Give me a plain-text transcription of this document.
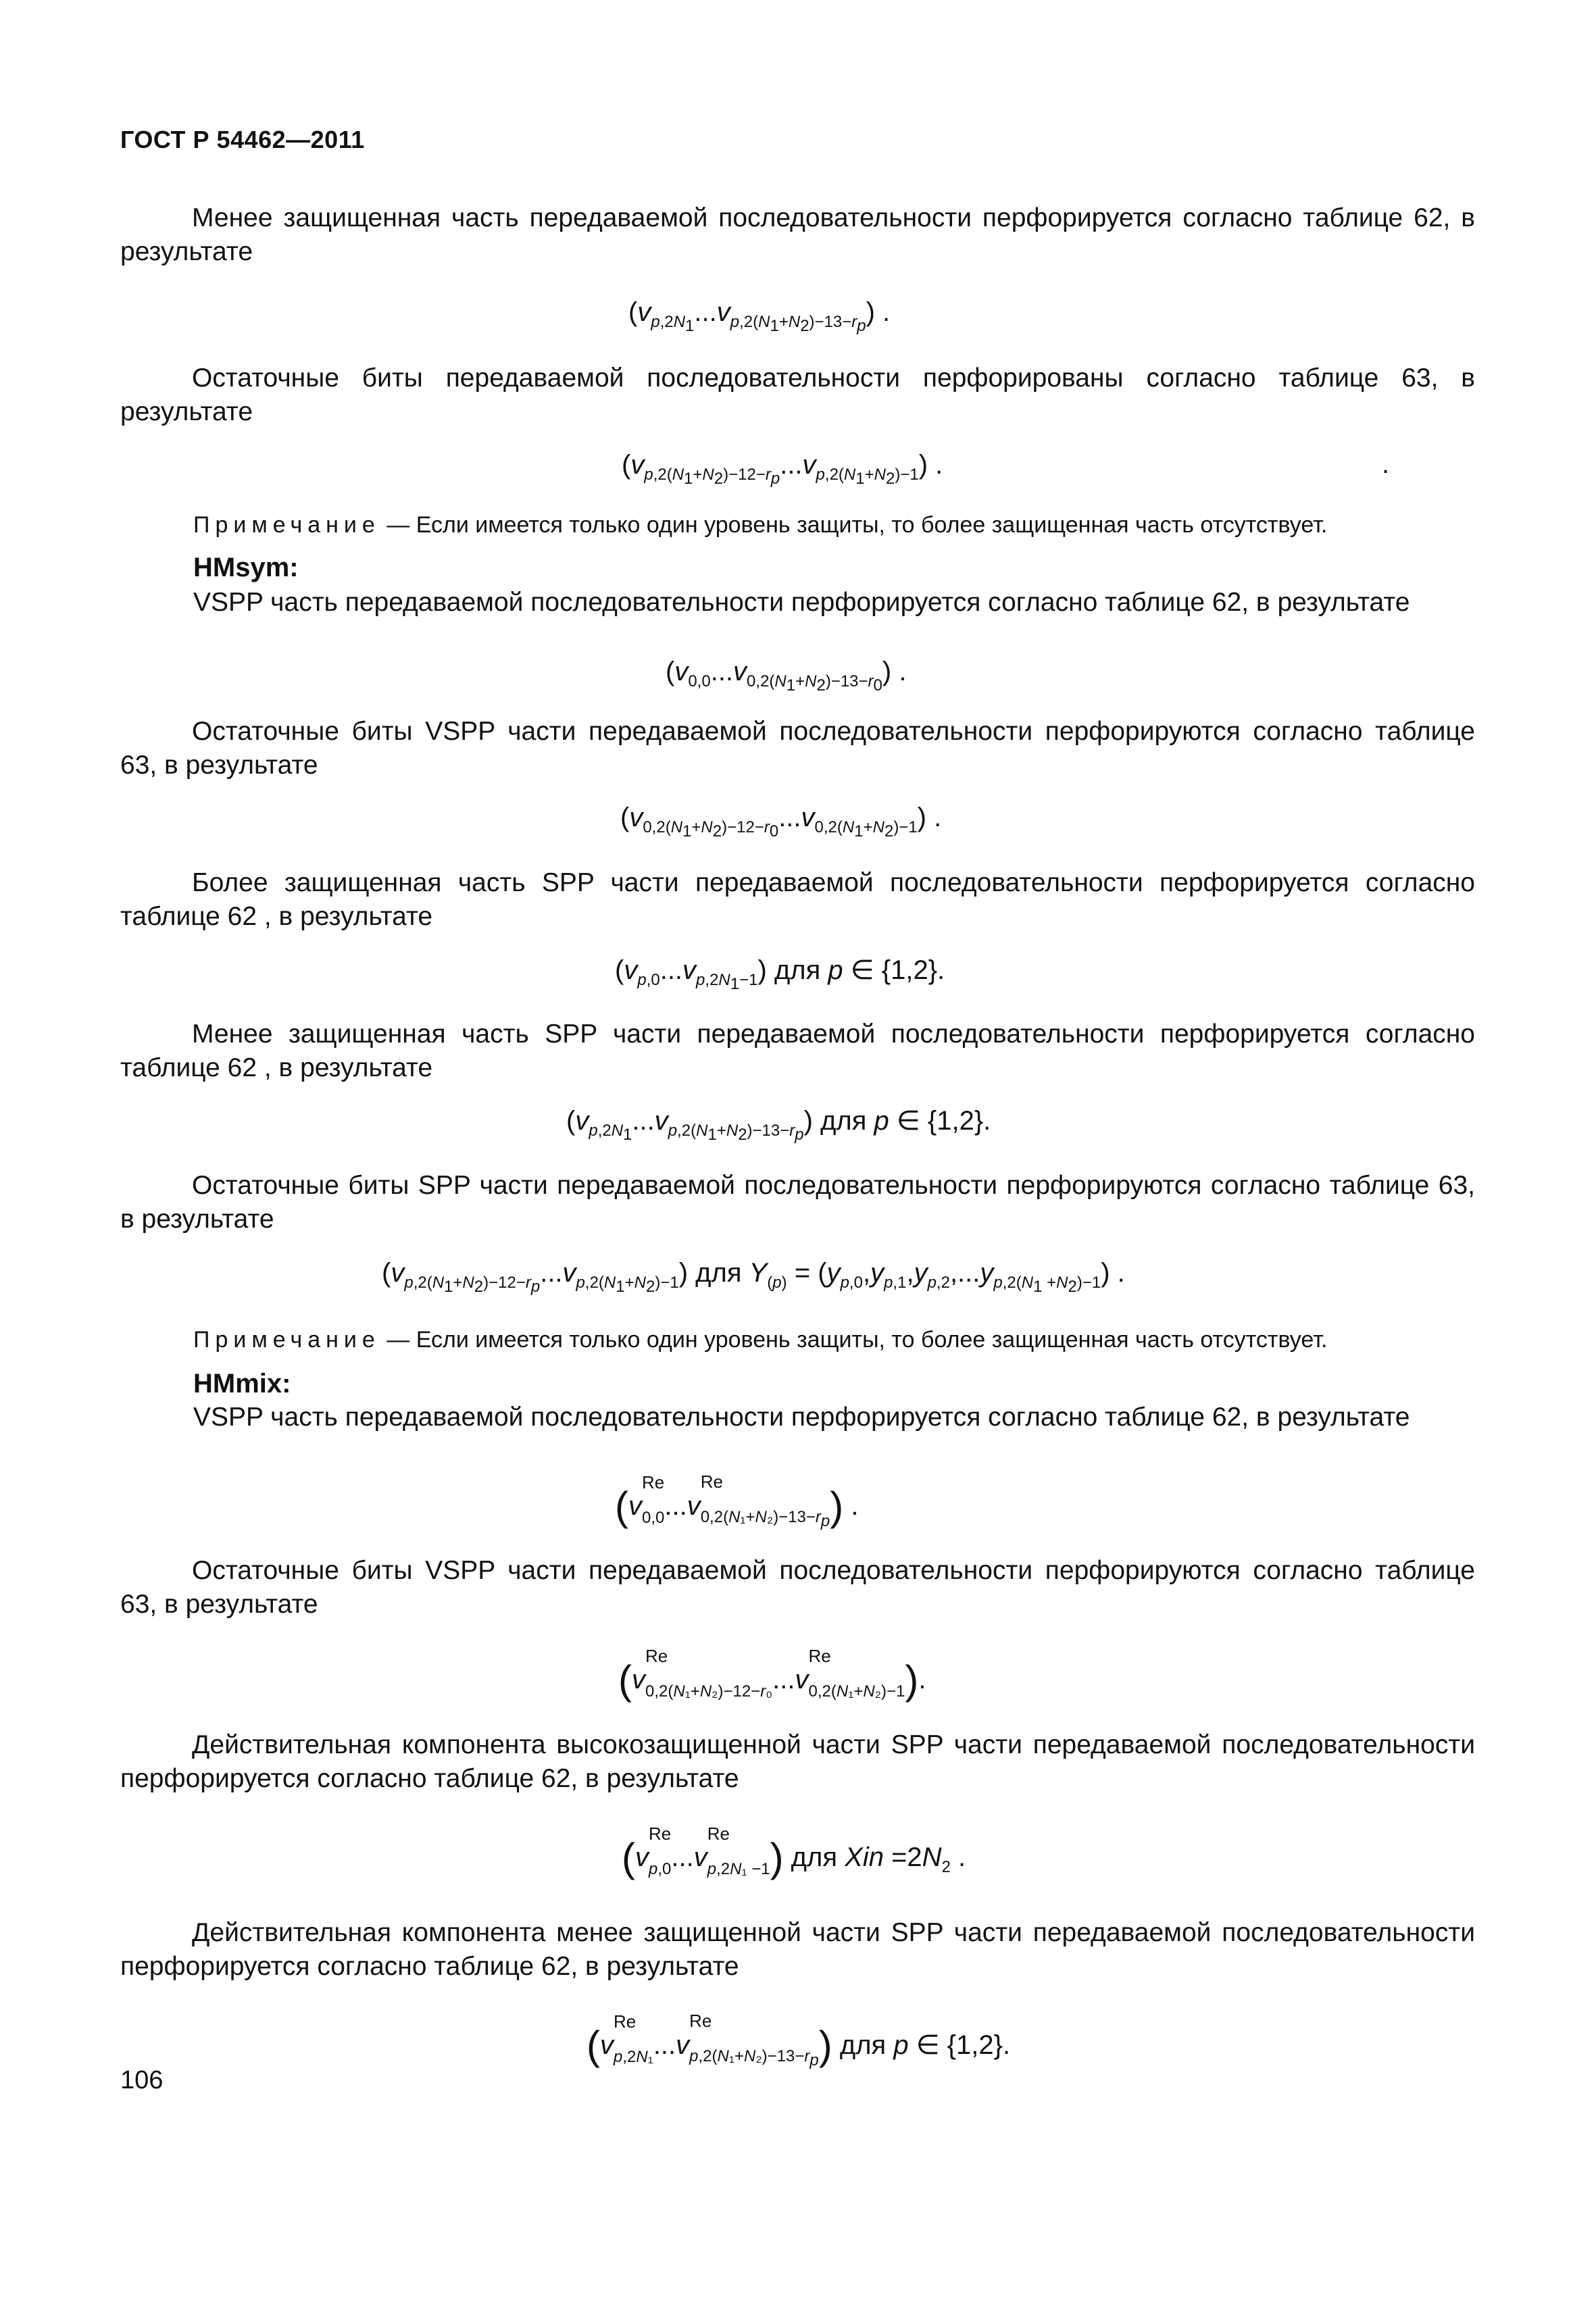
ГОСТ Р 54462—2011
Менее защищенная часть передаваемой последовательности перфорируется согласно таблице 62, в результате
$(v_{p,2N_1}...v_{p,2(N_1+N_2)-13-r_p})$ .
Остаточные биты передаваемой последовательности перфорированы согласно таблице 63, в результате
$(v_{p,2(N_1+N_2)-12-r_p}...v_{p,2(N_1+N_2)-1})$ .	.
Примечание — Если имеется только один уровень защиты, то более защищенная часть отсутствует.
HMsym:
VSPP часть передаваемой последовательности перфорируется согласно таблице 62, в результате
$(v_{0,0}...v_{0,2(N_1+N_2)-13-r_0})$ .
Остаточные биты VSPP части передаваемой последовательности перфорируются согласно таблице 63, в результате
$(v_{0,2(N_1+N_2)-12-r_0}...v_{0,2(N_1+N_2)-1})$ .
Более защищенная часть SPP части передаваемой последовательности перфорируется согласно таблице 62 , в результате
$(v_{p,0}...v_{p,2N_1-1})$ для p ∈ {1,2}.
Менее защищенная часть SPP части передаваемой последовательности перфорируется согласно таблице 62 , в результате
$(v_{p,2N_1}...v_{p,2(N_1+N_2)-13-r_p})$ для p ∈ {1,2}.
Остаточные биты SPP части передаваемой последовательности перфорируются согласно таблице 63, в результате
$(v_{p,2(N_1+N_2)-12-r_p}...v_{p,2(N_1+N_2)-1})$ для $Y_{(p)} = (y_{p,0},y_{p,1},y_{p,2},...y_{p,2(N_1 +N_2)-1})$ .
Примечание — Если имеется только один уровень защиты, то более защищенная часть отсутствует.
HMmix:
VSPP часть передаваемой последовательности перфорируется согласно таблице 62, в результате
(v
Re
$_{0,0}$...v
Re
$_{0,2(N_1+N_2)-13-r_p}$) .
Остаточные биты VSPP части передаваемой последовательности перфорируются согласно таблице 63, в результате
(v
Re
$_{0,2(N_1+N_2)-12-r_0}$...v
Re
$_{0,2(N_1+N_2)-1}$).
Действительная компонента высокозащищенной части SPP части передаваемой последовательности перфорируется согласно таблице 62, в результате
(v
Re
$_{p,0}$...v
Re
$_{p,2N_1 -1}$) для Xin $=2N_2$ .
Действительная компонента менее защищенной части SPP части передаваемой последовательности перфорируется согласно таблице 62, в результате
(v
Re
$_{p,2N_1}$...v
Re
$_{p,2(N_1+N_2)-13-r_p}$) для p ∈ {1,2}.
106
